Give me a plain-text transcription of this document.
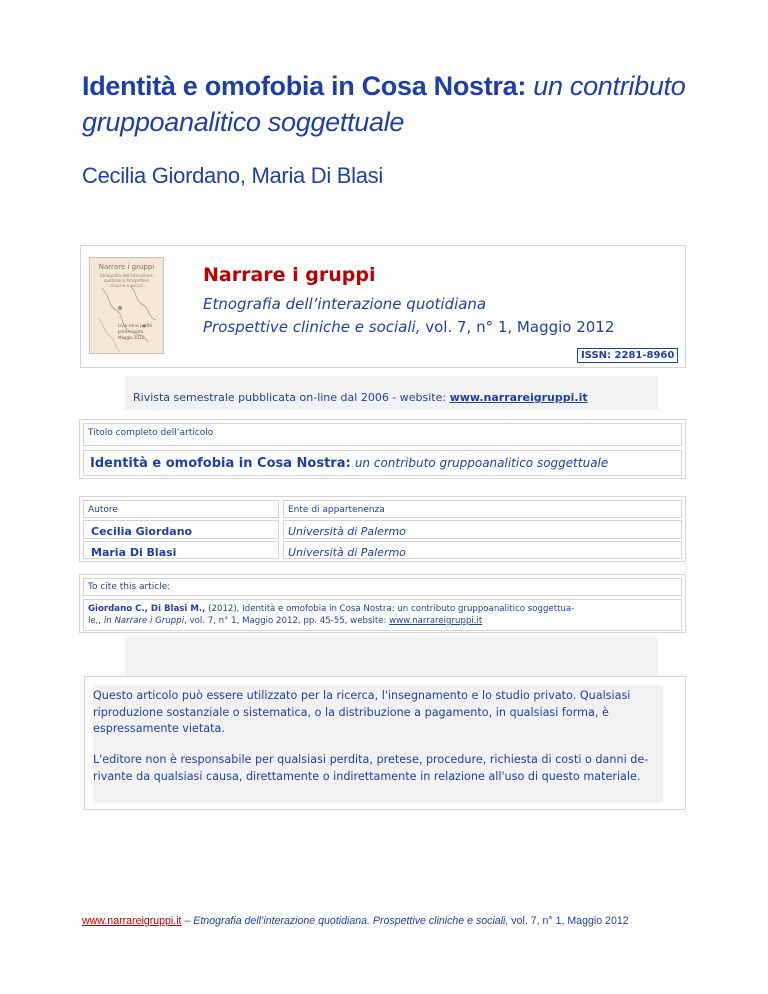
Identità e omofobia in Cosa Nostra: un contributo gruppoanalitico soggettuale
Cecilia Giordano, Maria Di Blasi
Narrare i gruppi
Etnografia dell'interazione quotidiana Prospettive cliniche e sociali
Livio sensi partiti
prima rivista
Maggio 2012
Narrare i gruppi
Etnografia dell’interazione quotidiana
Prospettive cliniche e sociali, vol. 7, n° 1, Maggio 2012
ISSN: 2281-8960
Rivista semestrale pubblicata on-line dal 2006 - website: www.narrareigruppi.it
Titolo completo dell’articolo
Identità e omofobia in Cosa Nostra: un contributo gruppoanalitico soggettuale
Autore	Ente di appartenenza
Cecilia Giordano	Università di Palermo
Maria Di Blasi	Università di Palermo
To cite this article:

Giordano C., Di Blasi M., (2012), Identità e omofobia in Cosa Nostra: un contributo gruppoanalitico soggettua-
le,, in Narrare i Gruppi, vol. 7, n° 1, Maggio 2012, pp. 45-55, website: www.narrareigruppi.it

Questo articolo può essere utilizzato per la ricerca, l'insegnamento e lo studio privato. Qualsiasi riproduzione sostanziale o sistematica, o la distribuzione a pagamento, in qualsiasi forma, è espressamente vietata.

L'editore non è responsabile per qualsiasi perdita, pretese, procedure, richiesta di costi o danni de-rivante da qualsiasi causa, direttamente o indirettamente in relazione all'uso di questo materiale.

www.narrareigruppi.it – Etnografia dell’interazione quotidiana. Prospettive cliniche e sociali, vol. 7, n° 1, Maggio 2012
